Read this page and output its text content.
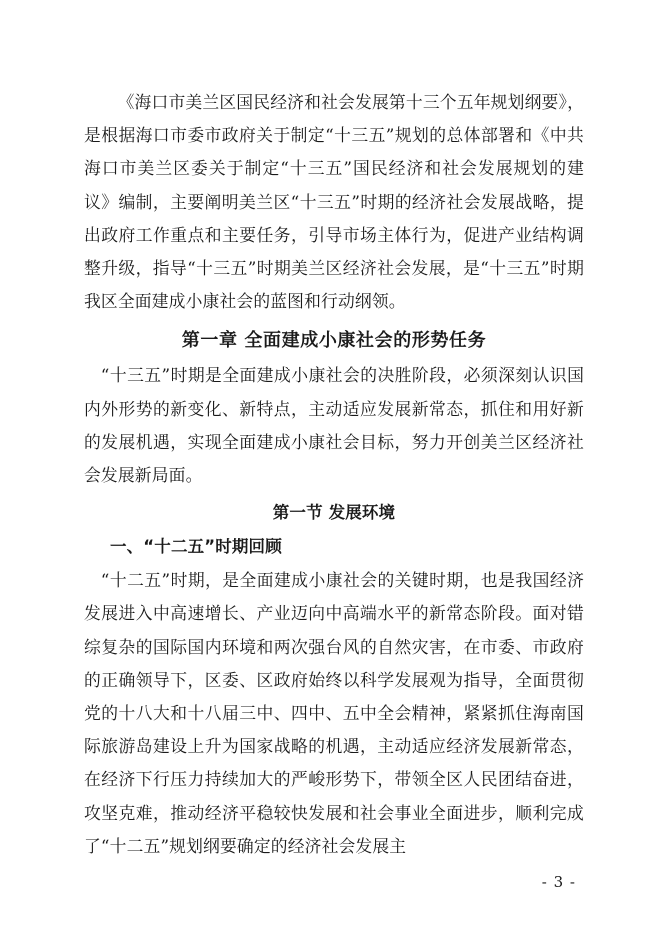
《海口市美兰区国民经济和社会发展第十三个五年规划纲要》，是根据海口市委市政府关于制定“十三五”规划的总体部署和《中共海口市美兰区委关于制定“十三五”国民经济和社会发展规划的建议》编制，主要阐明美兰区“十三五”时期的经济社会发展战略，提出政府工作重点和主要任务，引导市场主体行为，促进产业结构调整升级，指导“十三五”时期美兰区经济社会发展，是“十三五”时期我区全面建成小康社会的蓝图和行动纲领。

第一章 全面建成小康社会的形势任务

“十三五”时期是全面建成小康社会的决胜阶段，必须深刻认识国内外形势的新变化、新特点，主动适应发展新常态，抓住和用好新的发展机遇，实现全面建成小康社会目标，努力开创美兰区经济社会发展新局面。

第一节 发展环境

一、“十二五”时期回顾

“十二五”时期，是全面建成小康社会的关键时期，也是我国经济发展进入中高速增长、产业迈向中高端水平的新常态阶段。面对错综复杂的国际国内环境和两次强台风的自然灾害，在市委、市政府的正确领导下，区委、区政府始终以科学发展观为指导，全面贯彻党的十八大和十八届三中、四中、五中全会精神，紧紧抓住海南国际旅游岛建设上升为国家战略的机遇，主动适应经济发展新常态，在经济下行压力持续加大的严峻形势下，带领全区人民团结奋进，攻坚克难，推动经济平稳较快发展和社会事业全面进步，顺利完成了“十二五”规划纲要确定的经济社会发展主

- 3 -
